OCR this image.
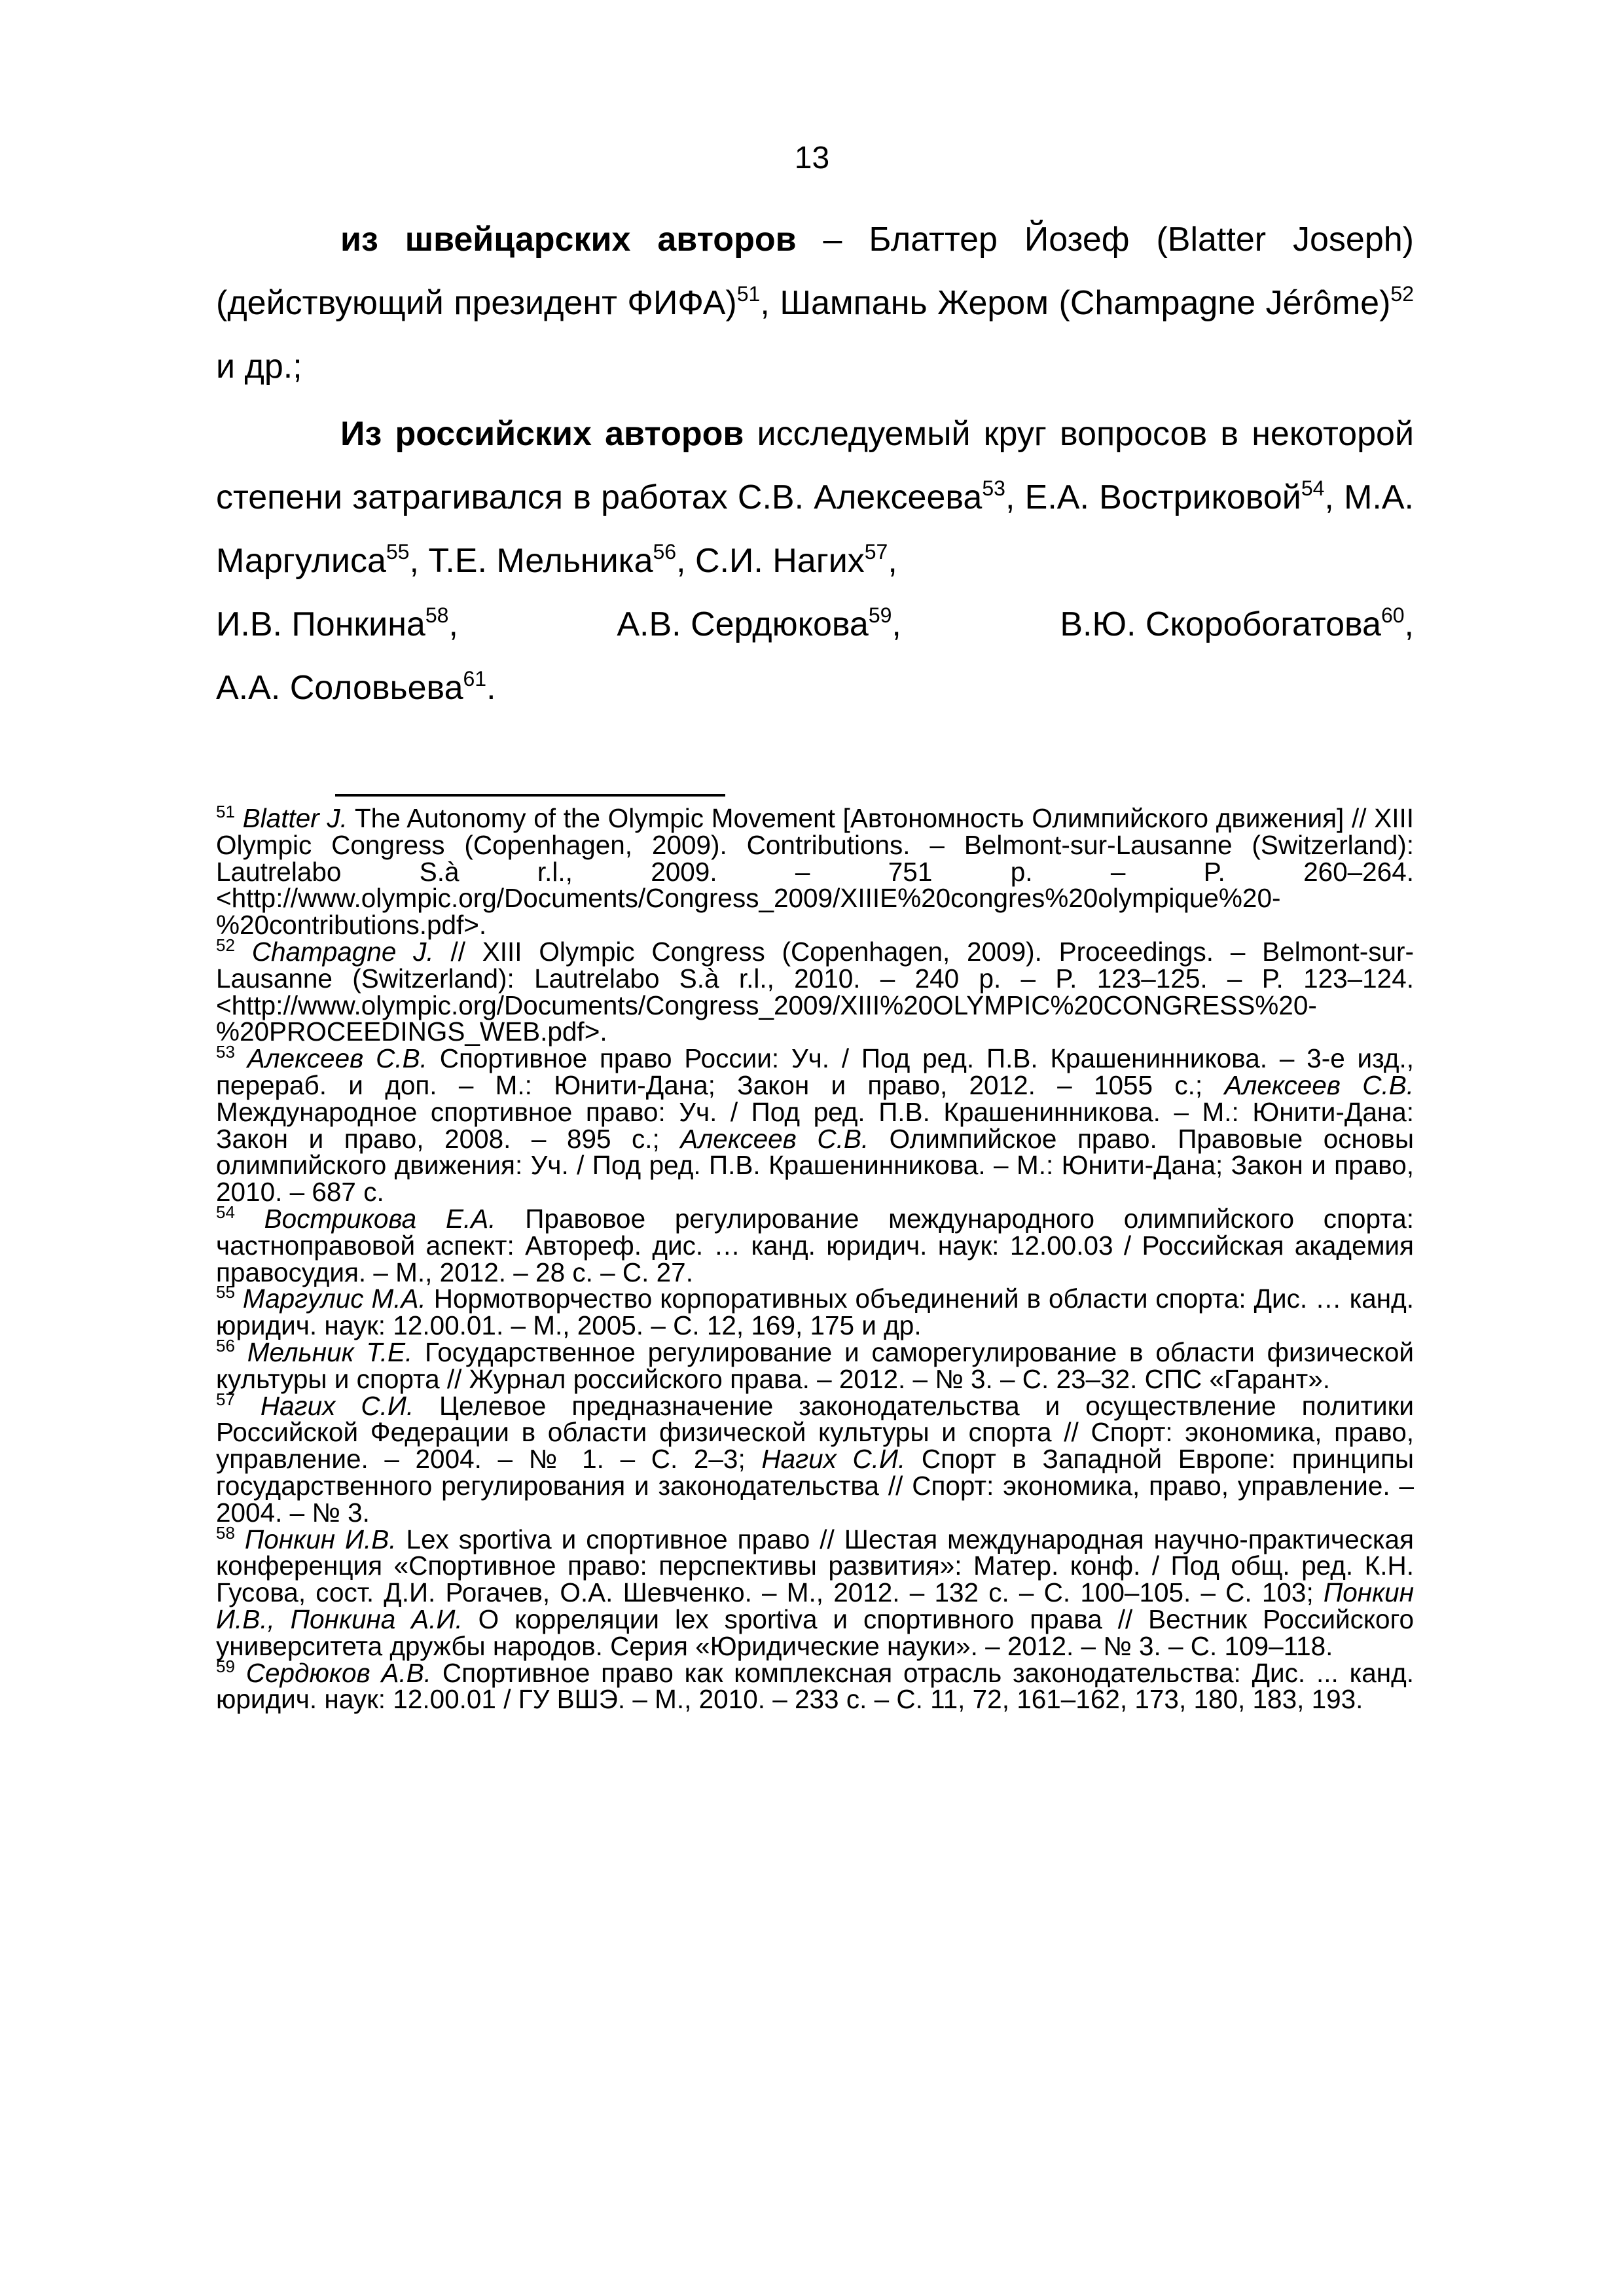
13

из швейцарских авторов – Блаттер Йозеф (Blatter Joseph) (действующий президент ФИФА)$^{51}$, Шампань Жером (Champagne Jérôme)$^{52}$ и др.;

Из российских авторов исследуемый круг вопросов в некоторой степени затрагивался в работах С.В. Алексеева$^{53}$, Е.А. Востриковой$^{54}$, М.А. Маргулиса$^{55}$, Т.Е. Мельника$^{56}$, С.И. Нагих$^{57}$,

И.В. Понкина$^{58}$,	А.В. Сердюкова$^{59}$,	В.Ю. Скоробогатова$^{60}$,
А.А. Соловьева$^{61}$.

$^{51}$ Blatter J. The Autonomy of the Olympic Movement [Автономность Олимпийского движения] // XIII Olympic Congress (Copenhagen, 2009). Contributions. – Belmont-sur-Lausanne (Switzerland): Lautrelabo S.à r.l., 2009. – 751 p. – P. 260–264. <http://www.olympic.org/Documents/Congress_2009/XIIIE%20congres%20olympique%20-%20contributions.pdf>.

$^{52}$ Champagne J. // XIII Olympic Congress (Copenhagen, 2009). Proceedings. – Belmont-sur-Lausanne (Switzerland): Lautrelabo S.à r.l., 2010. – 240 p. – P. 123–125. – P. 123–124. <http://www.olympic.org/Documents/Congress_2009/XIII%20OLYMPIC%20CONGRESS%20-%20PROCEEDINGS_WEB.pdf>.

$^{53}$ Алексеев С.В. Спортивное право России: Уч. / Под ред. П.В. Крашенинникова. – 3-е изд., перераб. и доп. – М.: Юнити-Дана; Закон и право, 2012. – 1055 с.; Алексеев С.В. Международное спортивное право: Уч. / Под ред. П.В. Крашенинникова. – М.: Юнити-Дана: Закон и право, 2008. – 895 с.; Алексеев С.В. Олимпийское право. Правовые основы олимпийского движения: Уч. / Под ред. П.В. Крашенинникова. – М.: Юнити-Дана; Закон и право, 2010. – 687 с.

$^{54}$ Вострикова Е.А. Правовое регулирование международного олимпийского спорта: частноправовой аспект: Автореф. дис. … канд. юридич. наук: 12.00.03 / Российская академия правосудия. – М., 2012. – 28 с. – С. 27.

$^{55}$ Маргулис М.А. Нормотворчество корпоративных объединений в области спорта: Дис. … канд. юридич. наук: 12.00.01. – М., 2005. – С. 12, 169, 175 и др.

$^{56}$ Мельник Т.Е. Государственное регулирование и саморегулирование в области физической культуры и спорта // Журнал российского права. – 2012. – № 3. – С. 23–32. СПС «Гарант».

$^{57}$ Нагих С.И. Целевое предназначение законодательства и осуществление политики Российской Федерации в области физической культуры и спорта // Спорт: экономика, право, управление. – 2004. – № 1. – С. 2–3; Нагих С.И. Спорт в Западной Европе: принципы государственного регулирования и законодательства // Спорт: экономика, право, управление. – 2004. – № 3.

$^{58}$ Понкин И.В. Lex sportiva и спортивное право // Шестая международная научно-практическая конференция «Спортивное право: перспективы развития»: Матер. конф. / Под общ. ред. К.Н. Гусова, сост. Д.И. Рогачев, О.А. Шевченко. – М., 2012. – 132 с. – С. 100–105. – С. 103; Понкин И.В., Понкина А.И. О корреляции lex sportiva и спортивного права // Вестник Российского университета дружбы народов. Серия «Юридические науки». – 2012. – № 3. – С. 109–118.

$^{59}$ Сердюков А.В. Спортивное право как комплексная отрасль законодательства: Дис. ... канд. юридич. наук: 12.00.01 / ГУ ВШЭ. – М., 2010. – 233 с. – С. 11, 72, 161–162, 173, 180, 183, 193.
